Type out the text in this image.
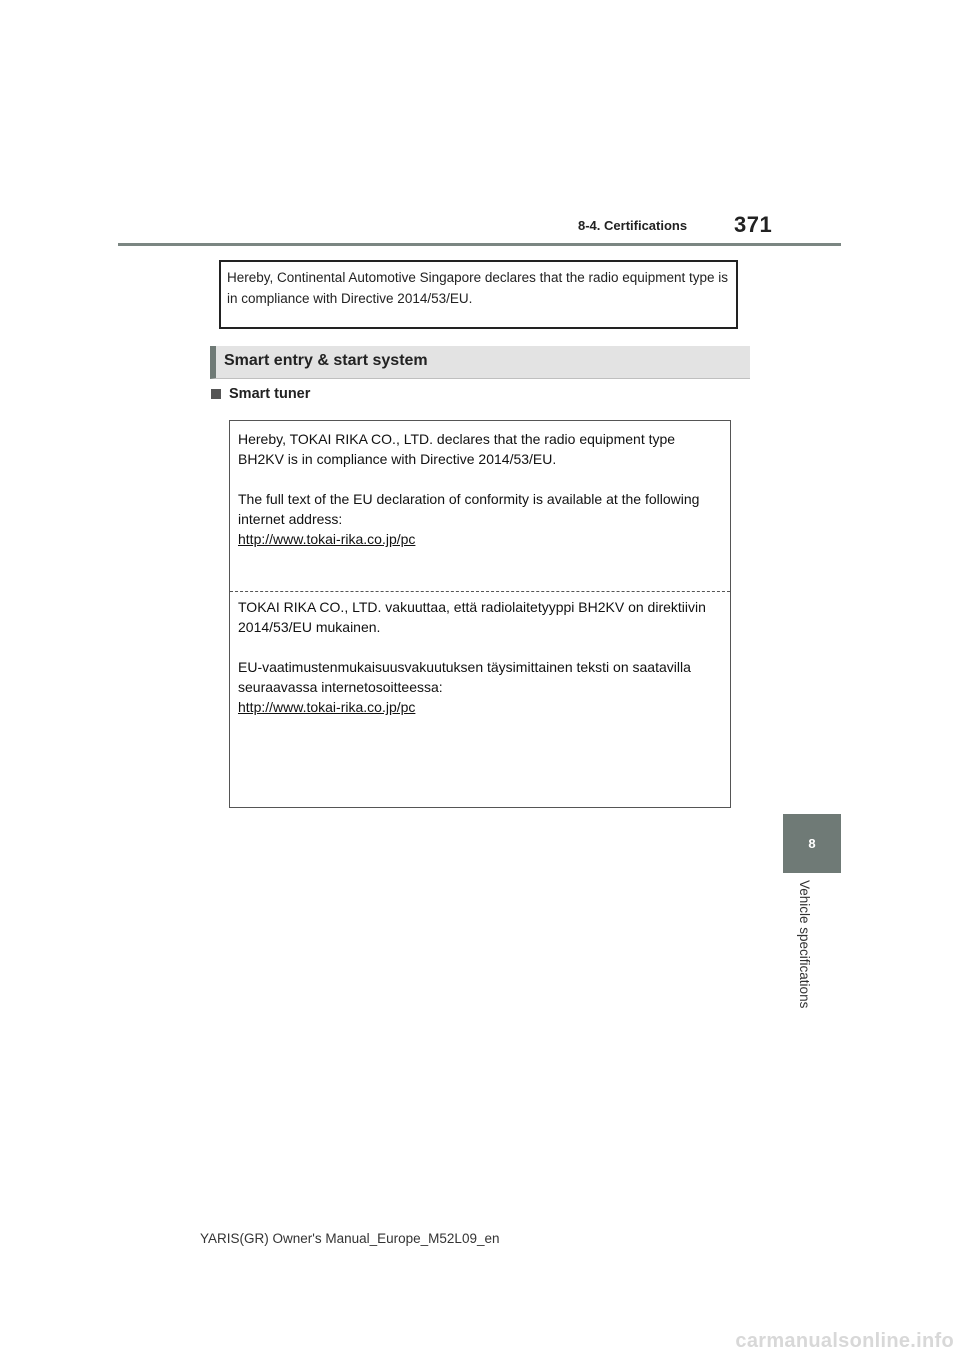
8-4. Certifications 371

Hereby, Continental Automotive Singapore declares that the radio equipment type is in compliance with Directive 2014/53/EU.

Smart entry & start system
Smart tuner

Hereby, TOKAI RIKA CO., LTD. declares that the radio equipment type BH2KV is in compliance with Directive 2014/53/EU.

The full text of the EU declaration of conformity is available at the following internet address:

http://www.tokai-rika.co.jp/pc

TOKAI RIKA CO., LTD. vakuuttaa, että radiolaitetyyppi BH2KV on direktiivin 2014/53/EU mukainen.

EU-vaatimustenmukaisuusvakuutuksen täysimittainen teksti on saatavilla seuraavassa internetosoitteessa:

http://www.tokai-rika.co.jp/pc

8
Vehicle specifications
YARIS(GR) Owner's Manual_Europe_M52L09_en
carmanualsonline.info
